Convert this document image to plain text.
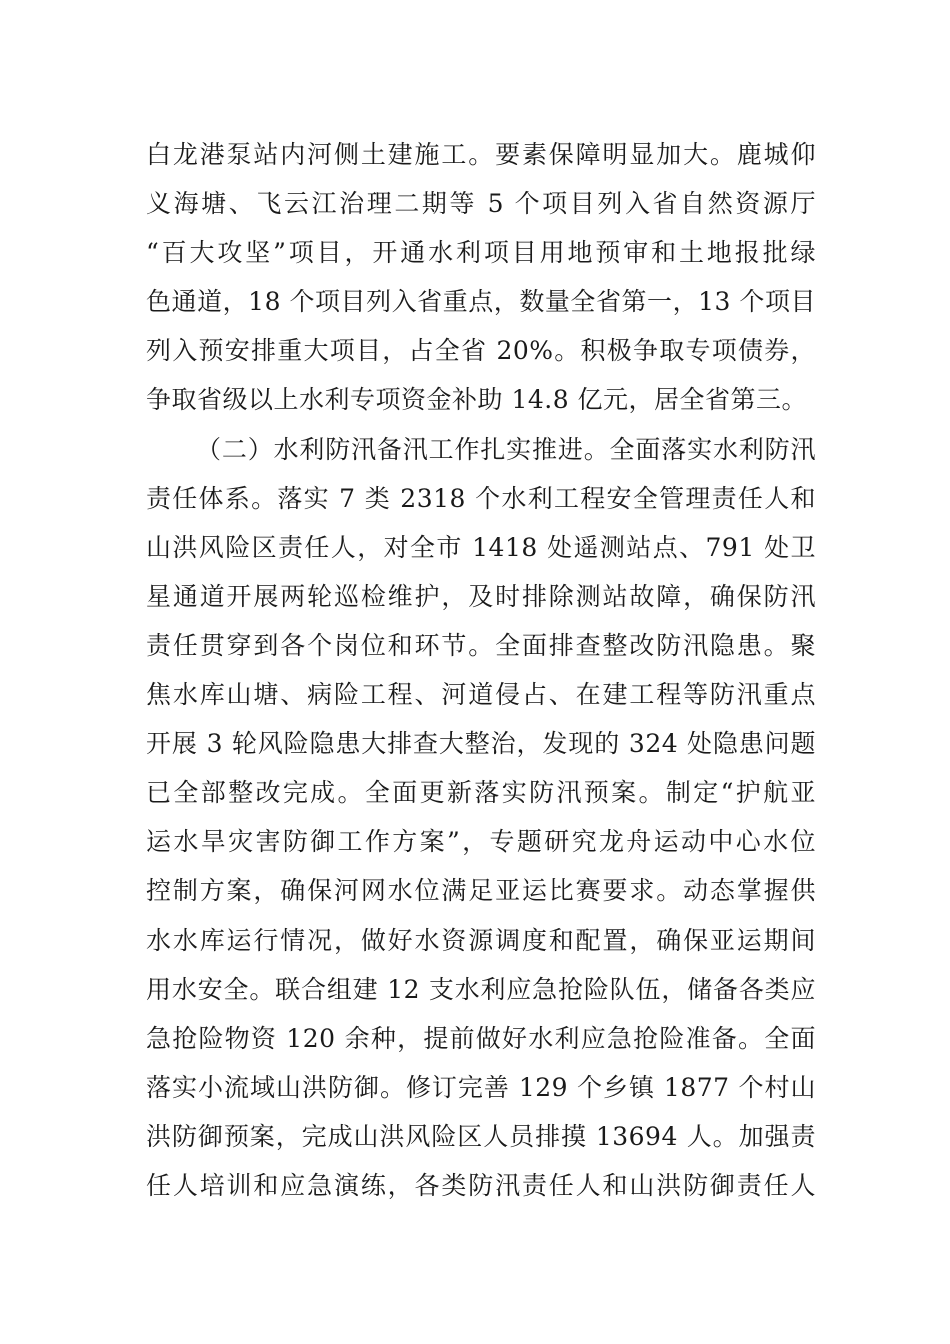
白龙港泵站内河侧土建施工。要素保障明显加大。鹿城仰
义海塘、飞云江治理二期等 5 个项目列入省自然资源厅
“百大攻坚”项目，开通水利项目用地预审和土地报批绿
色通道，18 个项目列入省重点，数量全省第一，13 个项目
列入预安排重大项目，占全省 20%。积极争取专项债券，
争取省级以上水利专项资金补助 14.8 亿元，居全省第三。
（二）水利防汛备汛工作扎实推进。全面落实水利防汛
责任体系。落实 7 类 2318 个水利工程安全管理责任人和
山洪风险区责任人，对全市 1418 处遥测站点、791 处卫
星通道开展两轮巡检维护，及时排除测站故障，确保防汛
责任贯穿到各个岗位和环节。全面排查整改防汛隐患。聚
焦水库山塘、病险工程、河道侵占、在建工程等防汛重点
开展 3 轮风险隐患大排查大整治，发现的 324 处隐患问题
已全部整改完成。全面更新落实防汛预案。制定“护航亚
运水旱灾害防御工作方案”，专题研究龙舟运动中心水位
控制方案，确保河网水位满足亚运比赛要求。动态掌握供
水水库运行情况，做好水资源调度和配置，确保亚运期间
用水安全。联合组建 12 支水利应急抢险队伍，储备各类应
急抢险物资 120 余种，提前做好水利应急抢险准备。全面
落实小流域山洪防御。修订完善 129 个乡镇 1877 个村山
洪防御预案，完成山洪风险区人员排摸 13694 人。加强责
任人培训和应急演练，各类防汛责任人和山洪防御责任人
